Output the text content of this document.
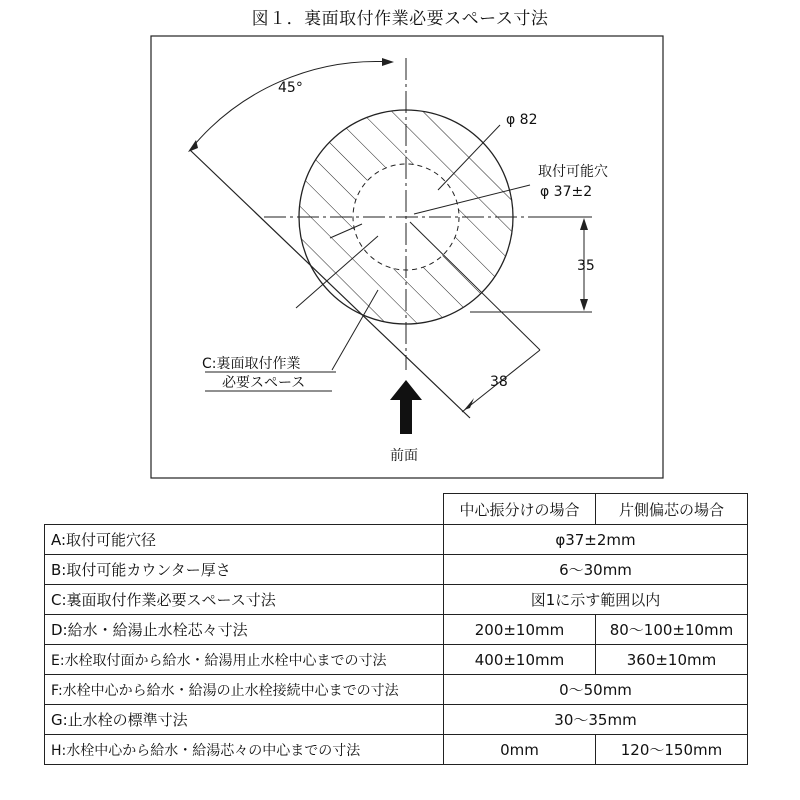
図１．裏面取付作業必要スペース寸法
45°
φ 82
取付可能穴
φ 37±2
35
38
C:裏面取付作業
必要スペース
前面
	中心振分けの場合	片側偏芯の場合
A:取付可能穴径	φ37±2mm	
B:取付可能カウンター厚さ	6〜30mm	
C:裏面取付作業必要スペース寸法	図1に示す範囲以内	
D:給水・給湯止水栓芯々寸法	200±10mm	80〜100±10mm
E:水栓取付面から給水・給湯用止水栓中心までの寸法	400±10mm	360±10mm
F:水栓中心から給水・給湯の止水栓接続中心までの寸法	0〜50mm	
G:止水栓の標準寸法	30〜35mm	
H:水栓中心から給水・給湯芯々の中心までの寸法	0mm	120〜150mm
